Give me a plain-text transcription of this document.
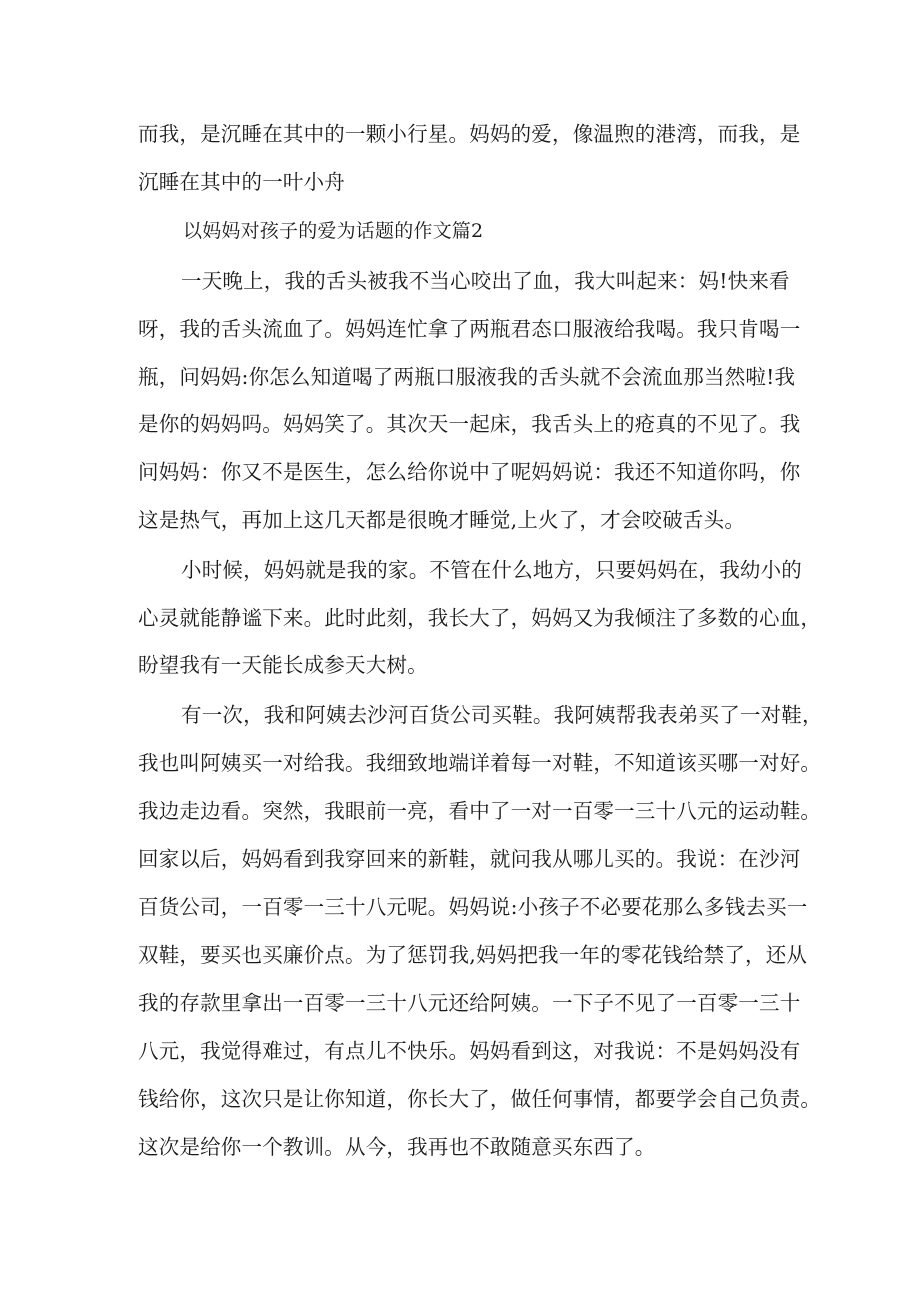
而我，是沉睡在其中的一颗小行星。妈妈的爱，像温煦的港湾，而我，是

沉睡在其中的一叶小舟

以妈妈对孩子的爱为话题的作文篇2

一天晚上，我的舌头被我不当心咬出了血，我大叫起来：妈!快来看

呀，我的舌头流血了。妈妈连忙拿了两瓶君态口服液给我喝。我只肯喝一

瓶，问妈妈:你怎么知道喝了两瓶口服液我的舌头就不会流血那当然啦!我

是你的妈妈吗。妈妈笑了。其次天一起床，我舌头上的疮真的不见了。我

问妈妈：你又不是医生，怎么给你说中了呢妈妈说：我还不知道你吗，你

这是热气，再加上这几天都是很晚才睡觉,上火了，才会咬破舌头。

小时候，妈妈就是我的家。不管在什么地方，只要妈妈在，我幼小的

心灵就能静谧下来。此时此刻，我长大了，妈妈又为我倾注了多数的心血，

盼望我有一天能长成参天大树。

有一次，我和阿姨去沙河百货公司买鞋。我阿姨帮我表弟买了一对鞋，

我也叫阿姨买一对给我。我细致地端详着每一对鞋，不知道该买哪一对好。

我边走边看。突然，我眼前一亮，看中了一对一百零一三十八元的运动鞋。

回家以后，妈妈看到我穿回来的新鞋，就问我从哪儿买的。我说：在沙河

百货公司，一百零一三十八元呢。妈妈说:小孩子不必要花那么多钱去买一

双鞋，要买也买廉价点。为了惩罚我,妈妈把我一年的零花钱给禁了，还从

我的存款里拿出一百零一三十八元还给阿姨。一下子不见了一百零一三十

八元，我觉得难过，有点儿不快乐。妈妈看到这，对我说：不是妈妈没有

钱给你，这次只是让你知道，你长大了，做任何事情，都要学会自己负责。

这次是给你一个教训。从今，我再也不敢随意买东西了。
